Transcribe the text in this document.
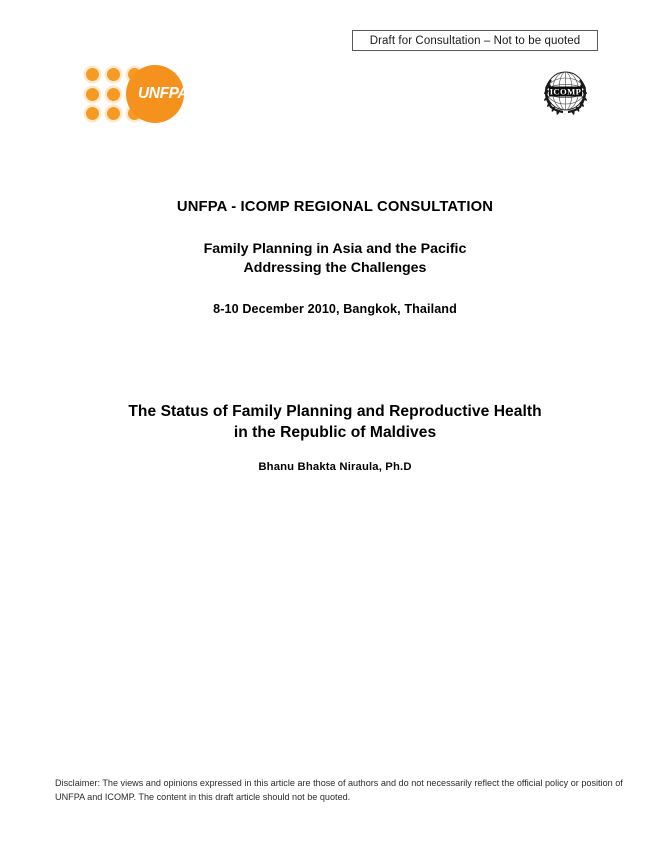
Draft for Consultation – Not to be quoted
UNFPA	ICOMP
UNFPA - ICOMP REGIONAL CONSULTATION
Family Planning in Asia and the Pacific
Addressing the Challenges
8-10 December 2010, Bangkok, Thailand
The Status of Family Planning and Reproductive Health
in the Republic of Maldives
Bhanu Bhakta Niraula, Ph.D
Disclaimer: The views and opinions expressed in this article are those of authors and do not necessarily reflect the official policy or position of UNFPA and ICOMP. The content in this draft article should not be quoted.
